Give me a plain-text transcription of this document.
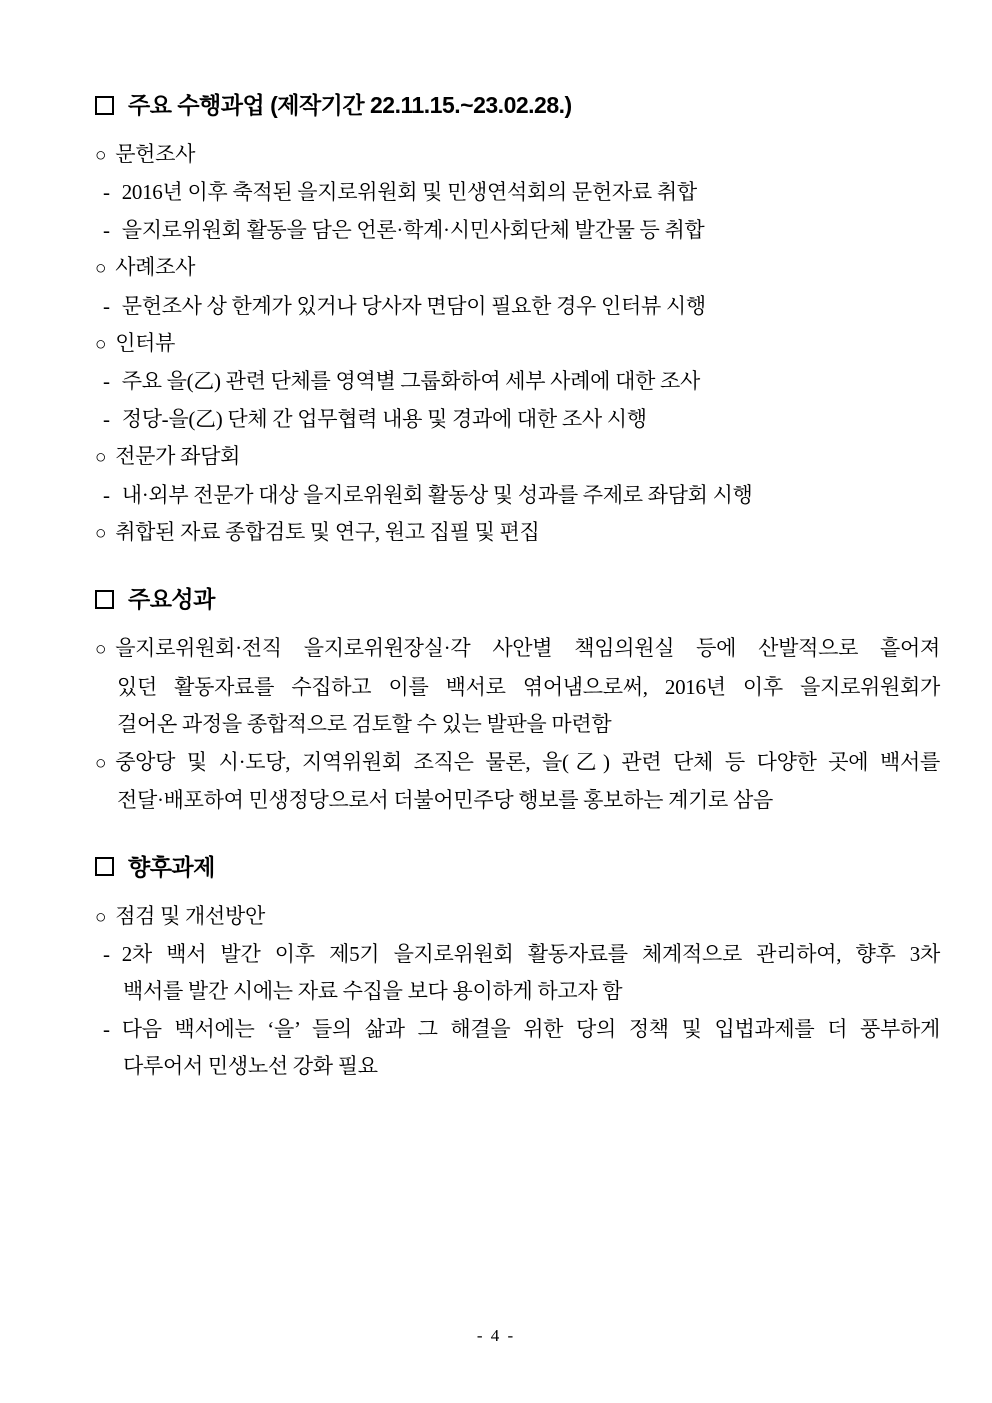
주요 수행과업 (제작기간 22.11.15.~23.02.28.)

○ 문헌조사

- 2016년 이후 축적된 을지로위원회 및 민생연석회의 문헌자료 취합

- 을지로위원회 활동을 담은 언론·학계·시민사회단체 발간물 등 취합

○ 사례조사

- 문헌조사 상 한계가 있거나 당사자 면담이 필요한 경우 인터뷰 시행

○ 인터뷰

- 주요 을(乙) 관련 단체를 영역별 그룹화하여 세부 사례에 대한 조사

- 정당-을(乙) 단체 간 업무협력 내용 및 경과에 대한 조사 시행

○ 전문가 좌담회

- 내·외부 전문가 대상 을지로위원회 활동상 및 성과를 주제로 좌담회 시행

○ 취합된 자료 종합검토 및 연구, 원고 집필 및 편집

주요성과

○ 을지로위원회·전직 을지로위원장실·각 사안별 책임의원실 등에 산발적으로 흩어져

있던 활동자료를 수집하고 이를 백서로 엮어냄으로써, 2016년 이후 을지로위원회가

걸어온 과정을 종합적으로 검토할 수 있는 발판을 마련함

○ 중앙당 및 시·도당, 지역위원회 조직은 물론, 을(乙) 관련 단체 등 다양한 곳에 백서를

전달·배포하여 민생정당으로서 더불어민주당 행보를 홍보하는 계기로 삼음

향후과제

○ 점검 및 개선방안

- 2차 백서 발간 이후 제5기 을지로위원회 활동자료를 체계적으로 관리하여, 향후 3차

백서를 발간 시에는 자료 수집을 보다 용이하게 하고자 함

- 다음 백서에는 ‘을’ 들의 삶과 그 해결을 위한 당의 정책 및 입법과제를 더 풍부하게

다루어서 민생노선 강화 필요

- 4 -
